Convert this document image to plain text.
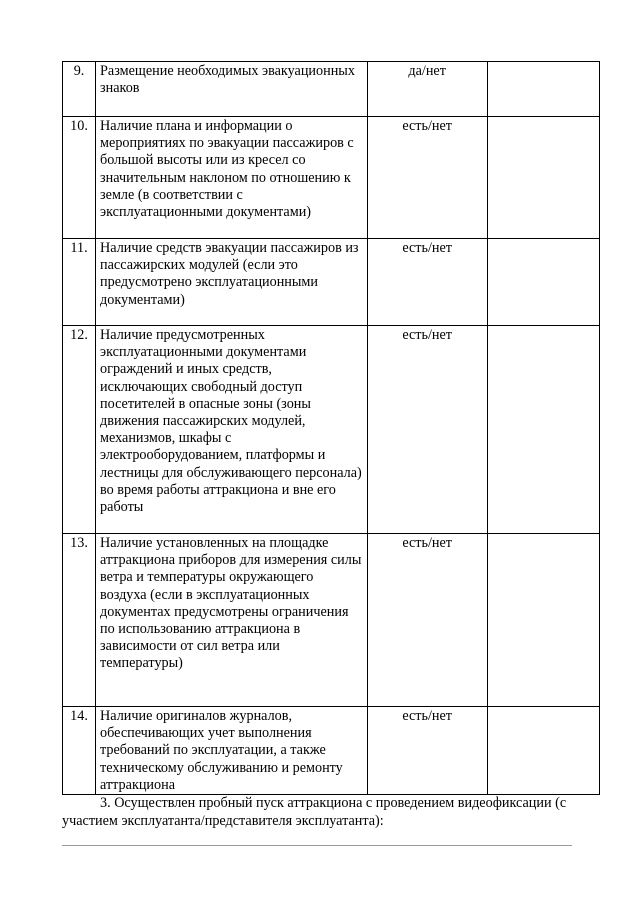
9.	Размещение необходимых эвакуационных знаков	да/нет	
10.	Наличие плана и информации о мероприятиях по эвакуации пассажиров с большой высоты или из кресел со значительным наклоном по отношению к земле (в соответствии с эксплуатационными документами)	есть/нет	
11.	Наличие средств эвакуации пассажиров из пассажирских модулей (если это предусмотрено эксплуатационными документами)	есть/нет	
12.	Наличие предусмотренных эксплуатационными документами ограждений и иных средств, исключающих свободный доступ посетителей в опасные зоны (зоны движения пассажирских модулей, механизмов, шкафы с электрооборудованием, платформы и лестницы для обслуживающего персонала) во время работы аттракциона и вне его работы	есть/нет	
13.	Наличие установленных на площадке аттракциона приборов для измерения силы ветра и температуры окружающего воздуха (если в эксплуатационных документах предусмотрены ограничения по использованию аттракциона в зависимости от сил ветра или температуры)	есть/нет	
14.	Наличие оригиналов журналов, обеспечивающих учет выполнения требований по эксплуатации, а также техническому обслуживанию и ремонту аттракциона	есть/нет	
3. Осуществлен пробный пуск аттракциона с проведением видеофиксации (с участием эксплуатанта/представителя эксплуатанта):
